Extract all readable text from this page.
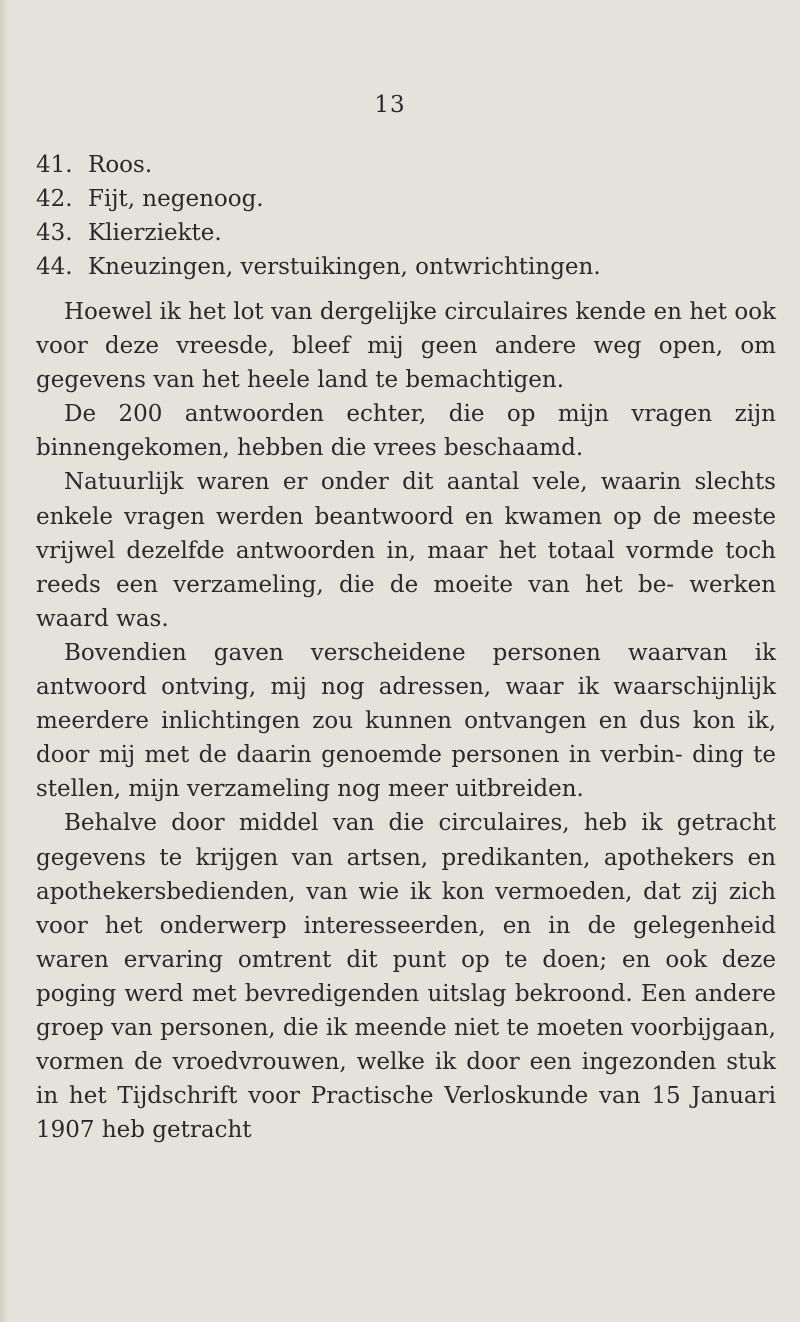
13
41. Roos.
42. Fijt, negenoog.
43. Klierziekte.
44. Kneuzingen, verstuikingen, ontwrichtingen.

Hoewel ik het lot van dergelijke circulaires kende en het ook voor deze vreesde, bleef mij geen andere weg open, om gegevens van het heele land te bemachtigen.

De 200 antwoorden echter, die op mijn vragen zijn binnengekomen, hebben die vrees beschaamd.

Natuurlijk waren er onder dit aantal vele, waarin slechts enkele vragen werden beantwoord en kwamen op de meeste vrijwel dezelfde antwoorden in, maar het totaal vormde toch reeds een verzameling, die de moeite van het be- werken waard was.

Bovendien gaven verscheidene personen waarvan ik antwoord ontving, mij nog adressen, waar ik waarschijnlijk meerdere inlichtingen zou kunnen ontvangen en dus kon ik, door mij met de daarin genoemde personen in verbin- ding te stellen, mijn verzameling nog meer uitbreiden.

Behalve door middel van die circulaires, heb ik getracht gegevens te krijgen van artsen, predikanten, apothekers en apothekersbedienden, van wie ik kon vermoeden, dat zij zich voor het onderwerp interesseerden, en in de gelegenheid waren ervaring omtrent dit punt op te doen; en ook deze poging werd met bevredigenden uitslag bekroond. Een andere groep van personen, die ik meende niet te moeten voorbijgaan, vormen de vroedvrouwen, welke ik door een ingezonden stuk in het Tijdschrift voor Practische Verloskunde van 15 Januari 1907 heb getracht
